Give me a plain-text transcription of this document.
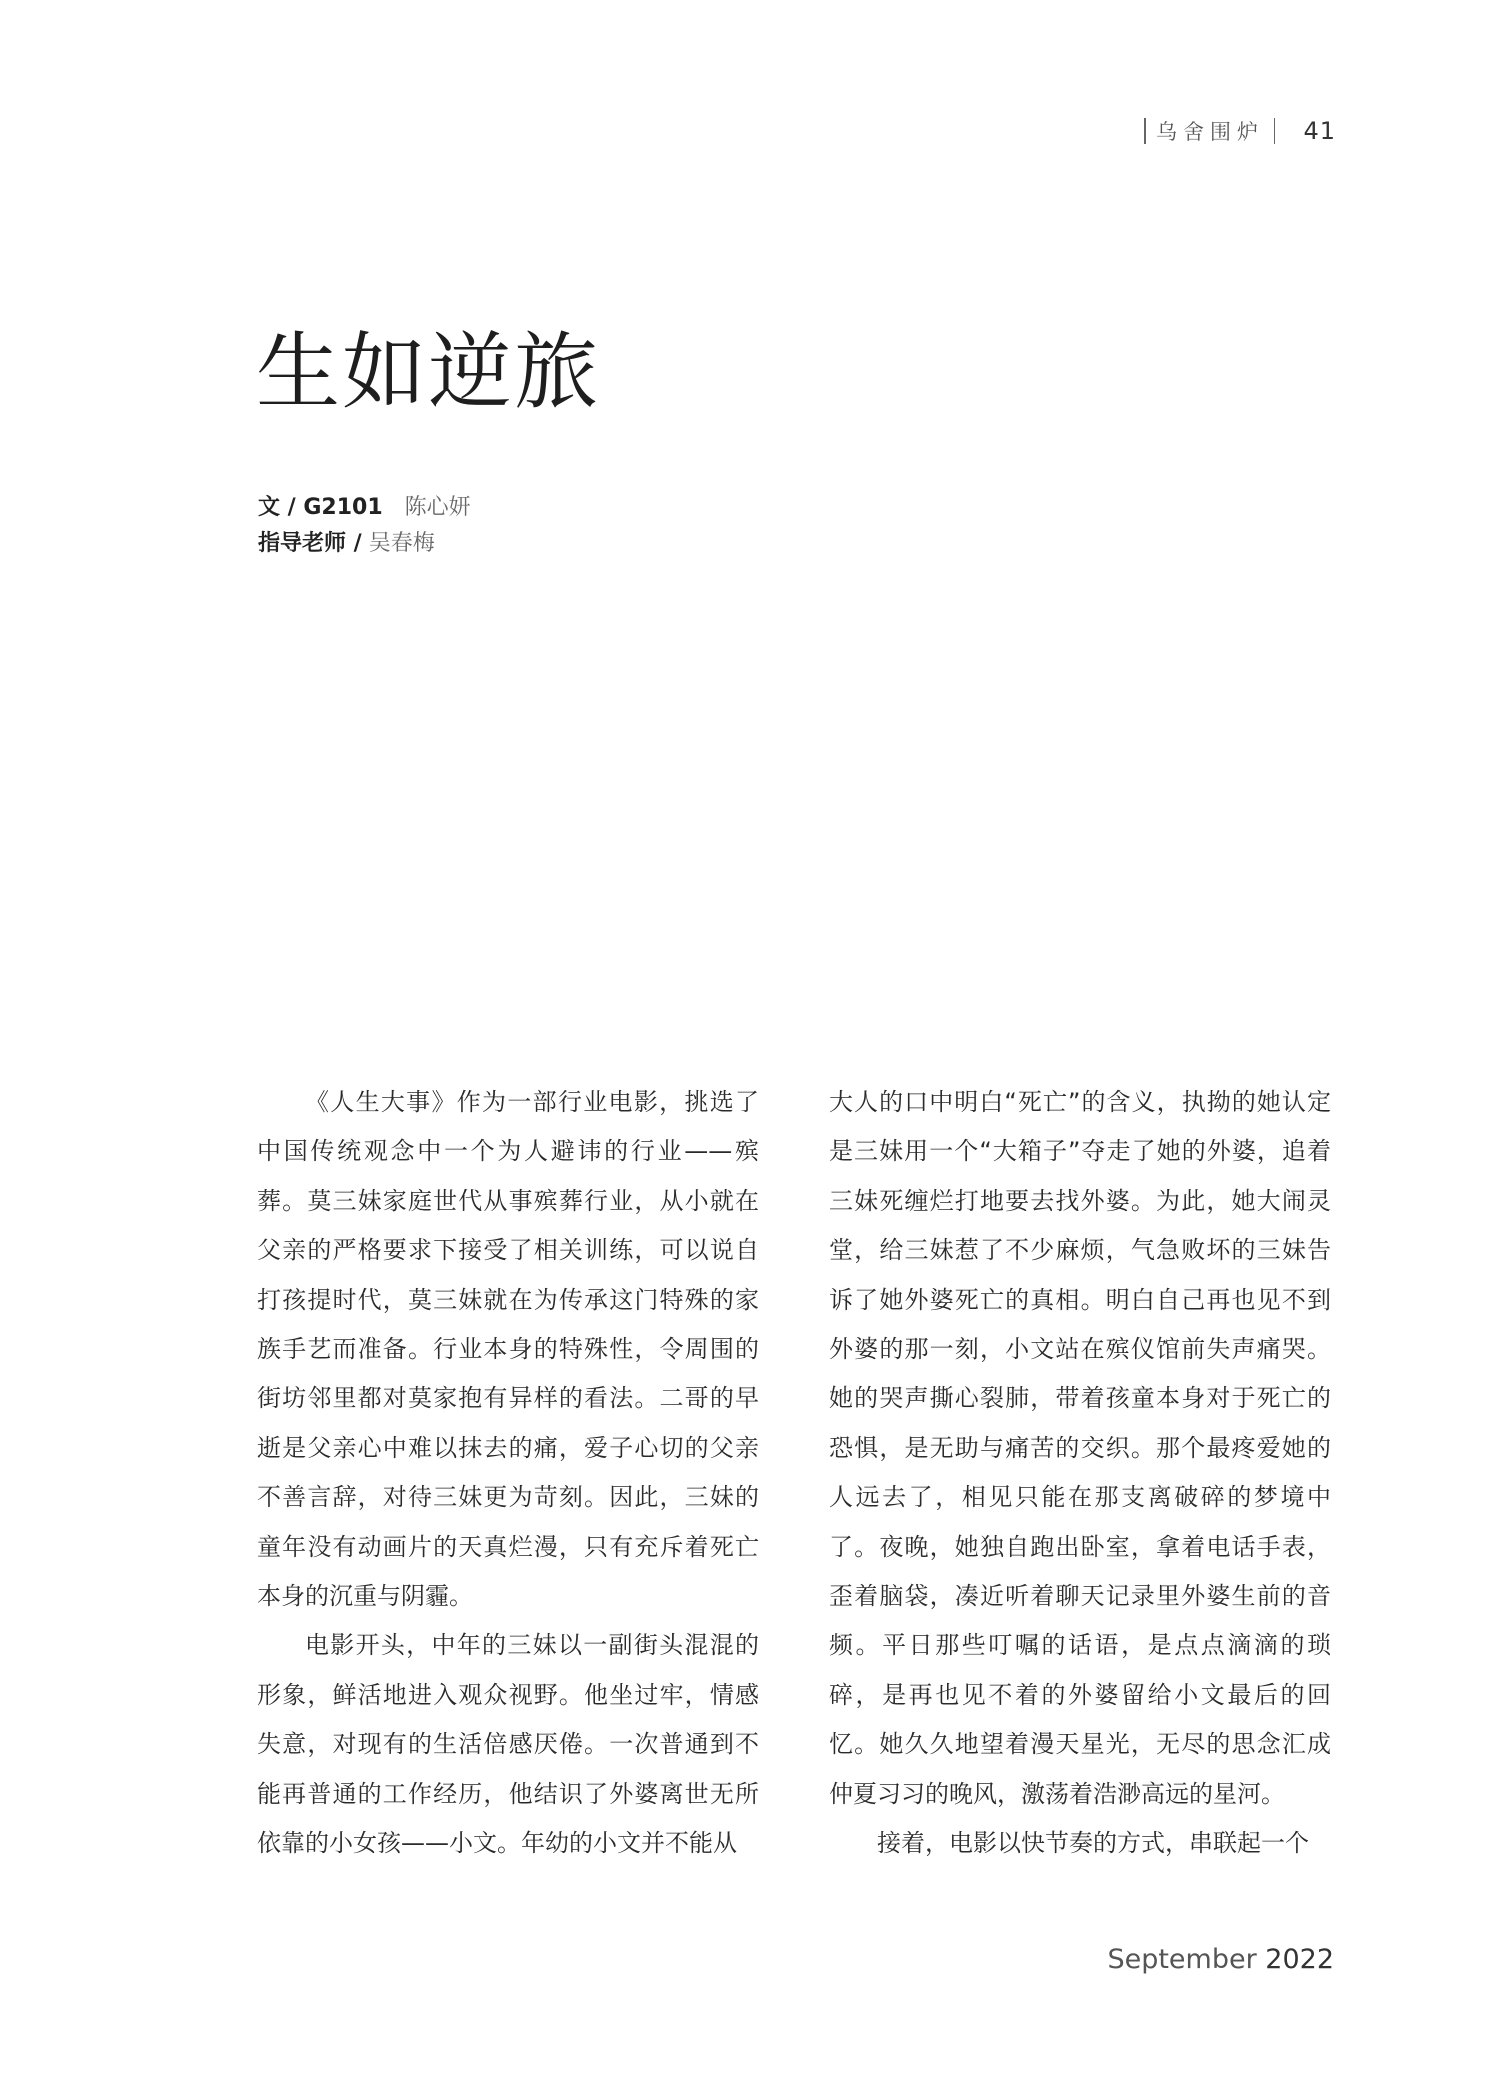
乌舍围炉 41
生如逆旅
文 / G2101 陈心妍
指导老师 / 吴春梅

《人生大事》作为一部行业电影，挑选了中国传统观念中一个为人避讳的行业——殡葬。莫三妹家庭世代从事殡葬行业，从小就在父亲的严格要求下接受了相关训练，可以说自打孩提时代，莫三妹就在为传承这门特殊的家族手艺而准备。行业本身的特殊性，令周围的街坊邻里都对莫家抱有异样的看法。二哥的早逝是父亲心中难以抹去的痛，爱子心切的父亲不善言辞，对待三妹更为苛刻。因此，三妹的童年没有动画片的天真烂漫，只有充斥着死亡本身的沉重与阴霾。

电影开头，中年的三妹以一副街头混混的形象，鲜活地进入观众视野。他坐过牢，情感失意，对现有的生活倍感厌倦。一次普通到不能再普通的工作经历，他结识了外婆离世无所依靠的小女孩——小文。年幼的小文并不能从

大人的口中明白“死亡”的含义，执拗的她认定是三妹用一个“大箱子”夺走了她的外婆，追着三妹死缠烂打地要去找外婆。为此，她大闹灵堂，给三妹惹了不少麻烦，气急败坏的三妹告诉了她外婆死亡的真相。明白自己再也见不到外婆的那一刻，小文站在殡仪馆前失声痛哭。她的哭声撕心裂肺，带着孩童本身对于死亡的恐惧，是无助与痛苦的交织。那个最疼爱她的人远去了，相见只能在那支离破碎的梦境中了。夜晚，她独自跑出卧室，拿着电话手表，歪着脑袋，凑近听着聊天记录里外婆生前的音频。平日那些叮嘱的话语，是点点滴滴的琐碎，是再也见不着的外婆留给小文最后的回忆。她久久地望着漫天星光，无尽的思念汇成仲夏习习的晚风，激荡着浩渺高远的星河。

接着，电影以快节奏的方式，串联起一个

September 2022
